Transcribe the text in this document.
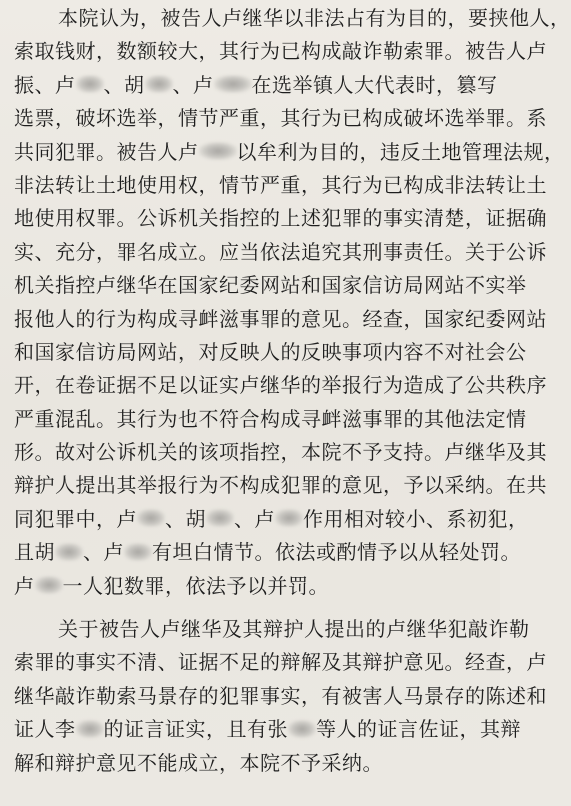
本院认为，被告人卢继华以非法占有为目的，要挟他人，
索取钱财，数额较大，其行为已构成敲诈勒索罪。被告人卢
振、卢 、胡 、卢 在选举镇人大代表时，篡写
选票，破坏选举，情节严重，其行为已构成破坏选举罪。系
共同犯罪。被告人卢 以牟利为目的，违反土地管理法规，
非法转让土地使用权，情节严重，其行为已构成非法转让土
地使用权罪。公诉机关指控的上述犯罪的事实清楚，证据确
实、充分，罪名成立。应当依法追究其刑事责任。关于公诉
机关指控卢继华在国家纪委网站和国家信访局网站不实举
报他人的行为构成寻衅滋事罪的意见。经查，国家纪委网站
和国家信访局网站，对反映人的反映事项内容不对社会公
开，在卷证据不足以证实卢继华的举报行为造成了公共秩序
严重混乱。其行为也不符合构成寻衅滋事罪的其他法定情
形。故对公诉机关的该项指控，本院不予支持。卢继华及其
辩护人提出其举报行为不构成犯罪的意见，予以采纳。在共
同犯罪中，卢 、胡 、卢 作用相对较小、系初犯，
且胡 、卢 有坦白情节。依法或酌情予以从轻处罚。
卢 一人犯数罪，依法予以并罚。
关于被告人卢继华及其辩护人提出的卢继华犯敲诈勒
索罪的事实不清、证据不足的辩解及其辩护意见。经查，卢
继华敲诈勒索马景存的犯罪事实，有被害人马景存的陈述和
证人李 的证言证实，且有张 等人的证言佐证，其辩
解和辩护意见不能成立，本院不予采纳。
